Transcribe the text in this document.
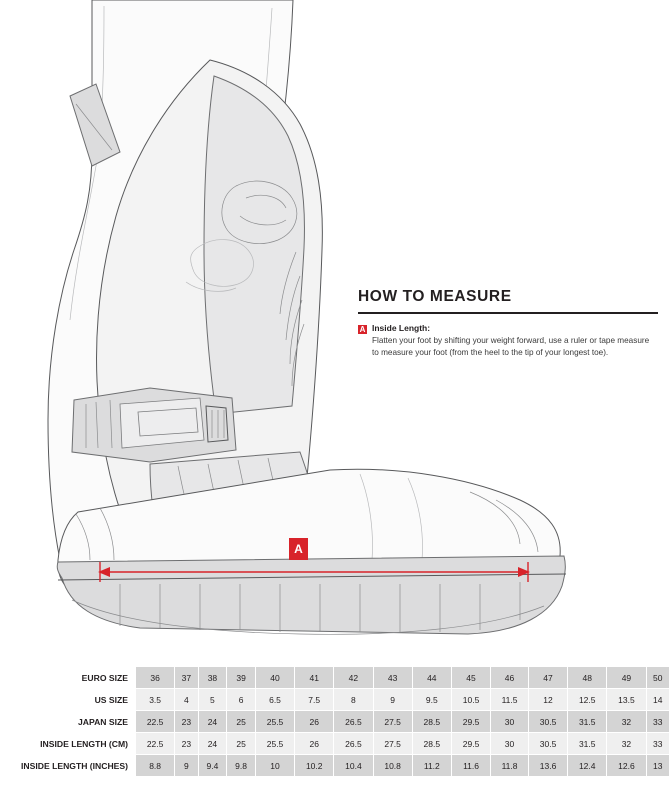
A
HOW TO MEASURE
A Inside Length:

Flatten your foot by shifting your weight forward, use a ruler or tape measure to measure your foot (from the heel to the tip of your longest toe).

EURO SIZE	36	37	38	39	40	41	42	43	44	45	46	47	48	49	50
US SIZE	3.5	4	5	6	6.5	7.5	8	9	9.5	10.5	11.5	12	12.5	13.5	14
JAPAN SIZE	22.5	23	24	25	25.5	26	26.5	27.5	28.5	29.5	30	30.5	31.5	32	33
INSIDE LENGTH (CM)	22.5	23	24	25	25.5	26	26.5	27.5	28.5	29.5	30	30.5	31.5	32	33
INSIDE LENGTH (INCHES)	8.8	9	9.4	9.8	10	10.2	10.4	10.8	11.2	11.6	11.8	13.6	12.4	12.6	13
